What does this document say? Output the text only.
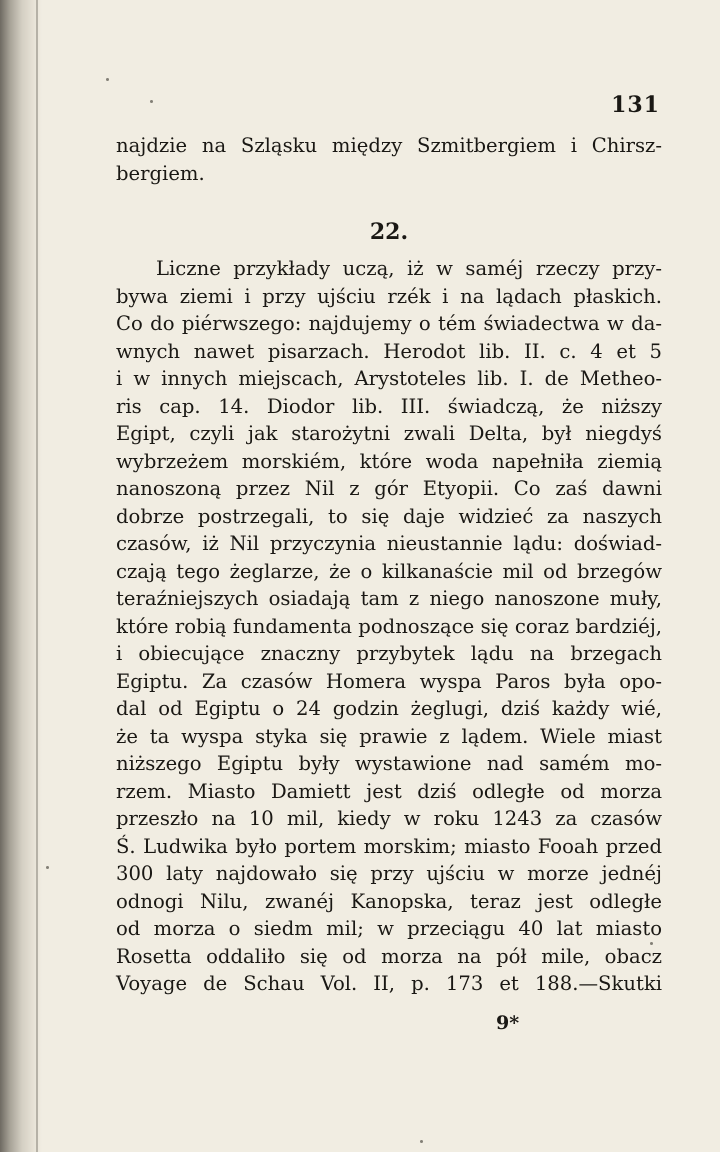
131
najdzie na Szląsku między Szmitbergiem i Chirsz-
bergiem.
22.
Liczne przykłady uczą, iż w saméj rzeczy przy-
bywa ziemi i przy ujściu rzék i na lądach płaskich.
Co do piérwszego: najdujemy o tém świadectwa w da-
wnych nawet pisarzach. Herodot lib. II. c. 4 et 5
i w innych miejscach, Arystoteles lib. I. de Metheo-
ris cap. 14. Diodor lib. III. świadczą, że niższy
Egipt, czyli jak starożytni zwali Delta, był niegdyś
wybrzeżem morskiém, które woda napełniła ziemią
nanoszoną przez Nil z gór Etyopii. Co zaś dawni
dobrze postrzegali, to się daje widzieć za naszych
czasów, iż Nil przyczynia nieustannie lądu: doświad-
czają tego żeglarze, że o kilkanaście mil od brzegów
teraźniejszych osiadają tam z niego nanoszone muły,
które robią fundamenta podnoszące się coraz bardziéj,
i obiecujące znaczny przybytek lądu na brzegach
Egiptu. Za czasów Homera wyspa Paros była opo-
dal od Egiptu o 24 godzin żeglugi, dziś każdy wié,
że ta wyspa styka się prawie z lądem. Wiele miast
niższego Egiptu były wystawione nad samém mo-
rzem. Miasto Damiett jest dziś odległe od morza
przeszło na 10 mil, kiedy w roku 1243 za czasów
Ś. Ludwika było portem morskim; miasto Fooah przed
300 laty najdowało się przy ujściu w morze jednéj
odnogi Nilu, zwanéj Kanopska, teraz jest odległe
od morza o siedm mil; w przeciągu 40 lat miasto
Rosetta oddaliło się od morza na pół mile, obacz
Voyage de Schau Vol. II, p. 173 et 188.—Skutki
9*
